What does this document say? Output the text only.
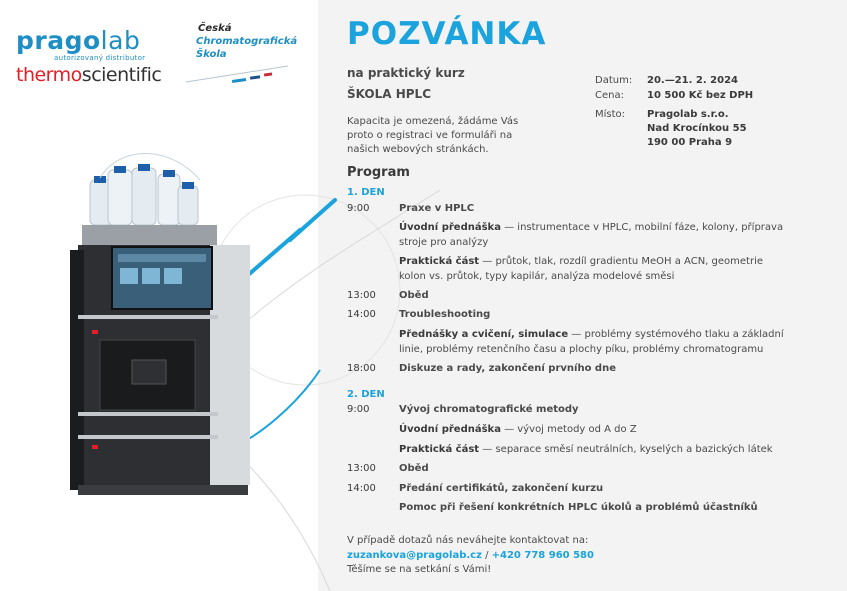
pragolab
autorizovaný distributor
thermoscientific
Česká
Chromatografická
Škola
POZVÁNKA
na praktický kurz
ŠKOLA HPLC
Kapacita je omezená, žádáme Vás proto o registraci ve formuláři na našich webových stránkách.
Datum: 20.—21. 2. 2024
Cena: 10 500 Kč bez DPH
Místo: Pragolab s.r.o.
Nad Krocínkou 55
190 00 Praha 9
Program
1. DEN
9:00	Praxe v HPLC
Úvodní přednáška — instrumentace v HPLC, mobilní fáze, kolony, příprava stroje pro analýzy
Praktická část — průtok, tlak, rozdíl gradientu MeOH a ACN, geometrie kolon vs. průtok, typy kapilár, analýza modelové směsi
13:00 Oběd
14:00 Troubleshooting
Přednášky a cvičení, simulace — problémy systémového tlaku a základní linie, problémy retenčního času a plochy píku, problémy chromatogramu
18:00 Diskuze a rady, zakončení prvního dne
2. DEN
9:00	Vývoj chromatografické metody
Úvodní přednáška — vývoj metody od A do Z
Praktická část — separace směsí neutrálních, kyselých a bazických látek
13:00 Oběd
14:00 Předání certifikátů, zakončení kurzu
Pomoc při řešení konkrétních HPLC úkolů a problémů účastníků
V případě dotazů nás neváhejte kontaktovat na:
zuzankova@pragolab.cz / +420 778 960 580
Těšíme se na setkání s Vámi!
